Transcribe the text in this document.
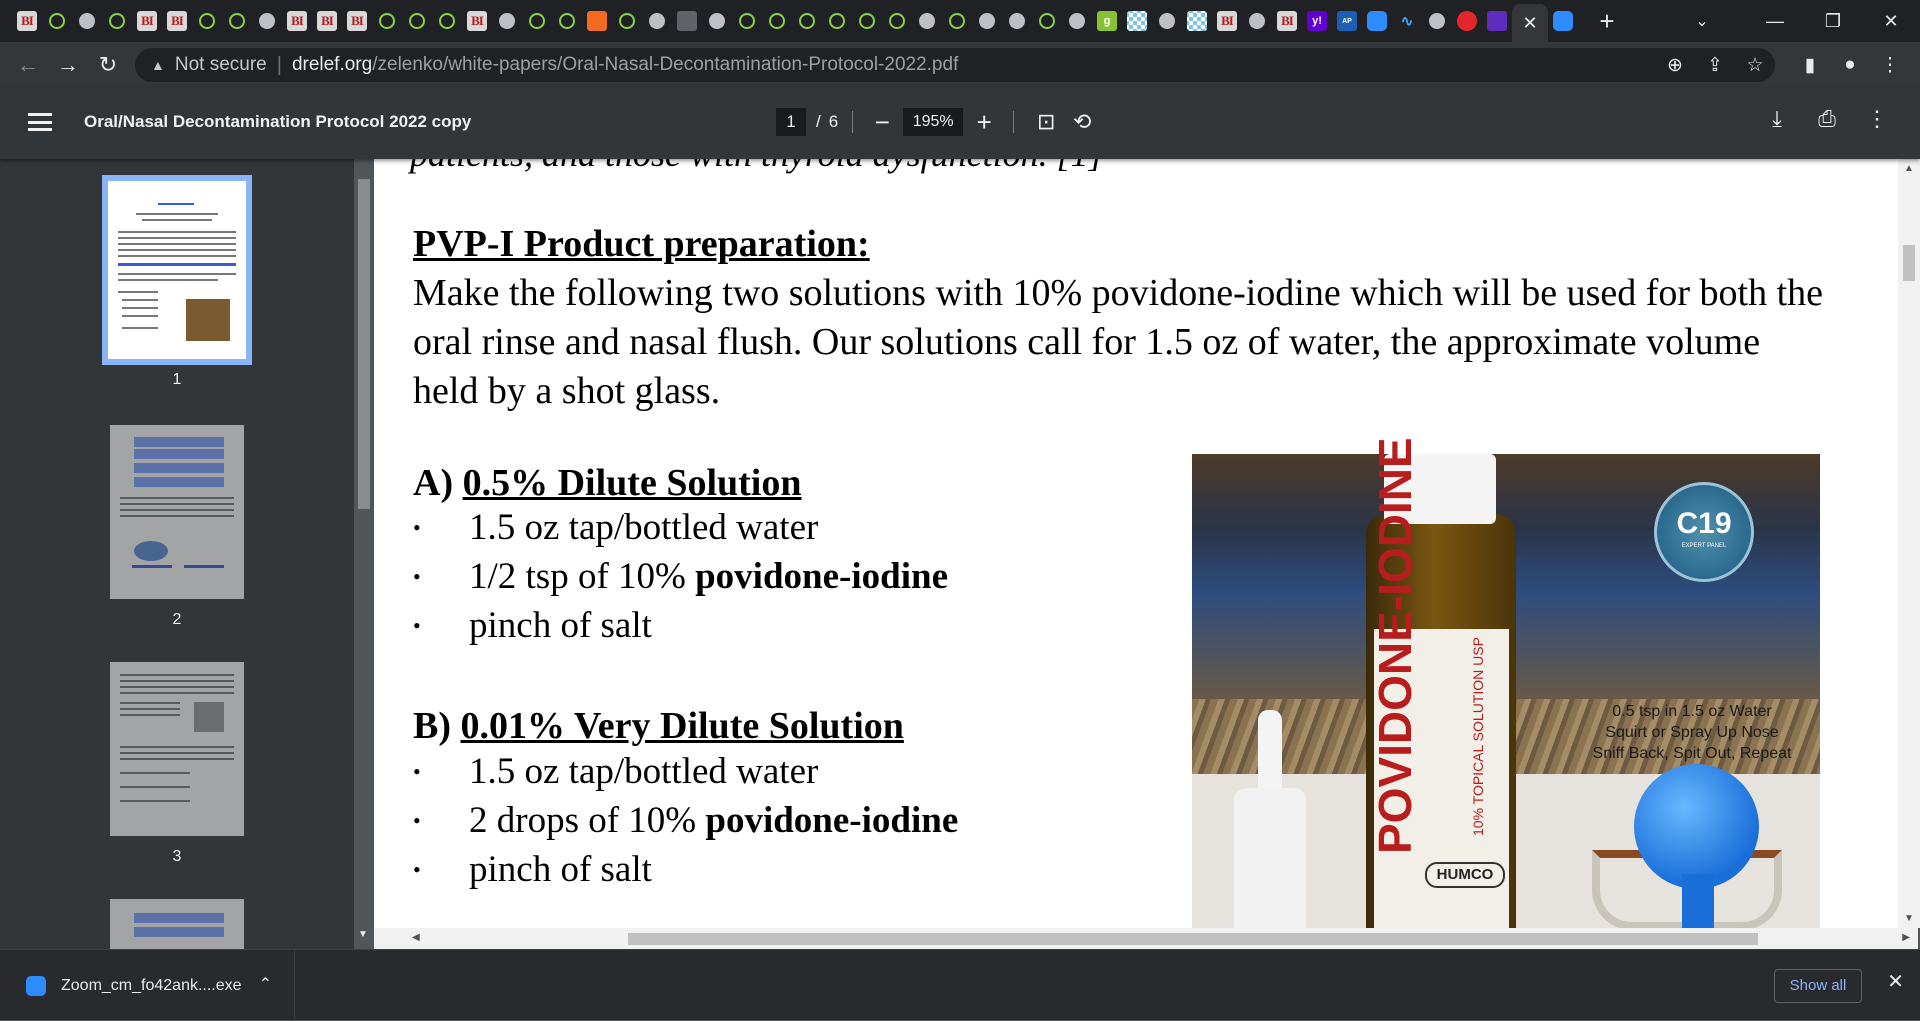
BI	BI	BI	BI	BI	BI	BI	g	BI	BI	y!	AP	∿	✕ +	⌄	—	❐	✕
← → ↻	▲ Not secure | drelef.org/zelenko/white-papers/Oral-Nasal-Decontamination-Protocol-2022.pdf	⊕	⇪	☆	▮	●	⋮
Oral/Nasal Decontamination Protocol 2022 copy	1	/ 6 −	195% +	⊡ ⟲	⤓	⎙	⋮
1
2
3
▼
PVP-I Product preparation:
Make the following two solutions with 10% povidone-iodine which will be used for both the oral rinse and nasal flush. Our solutions call for 1.5 oz of water, the approximate volume held by a shot glass.
A) 0.5% Dilute Solution
•	1.5 oz tap/bottled water
•	1/2 tsp of 10% povidone-iodine
•	pinch of salt
B) 0.01% Very Dilute Solution
•	1.5 oz tap/bottled water
•	2 drops of 10% povidone-iodine
•	pinch of salt
10% TOPICAL SOLUTION USP
HUMCO
C19
EXPERT PANEL
0.5 tsp in 1.5 oz Water
Squirt or Spray Up Nose
Sniff Back, Spit Out, Repeat
▲
▼
◀	▶
Zoom_cm_fo42ank....exe ⌃	Show all	✕
